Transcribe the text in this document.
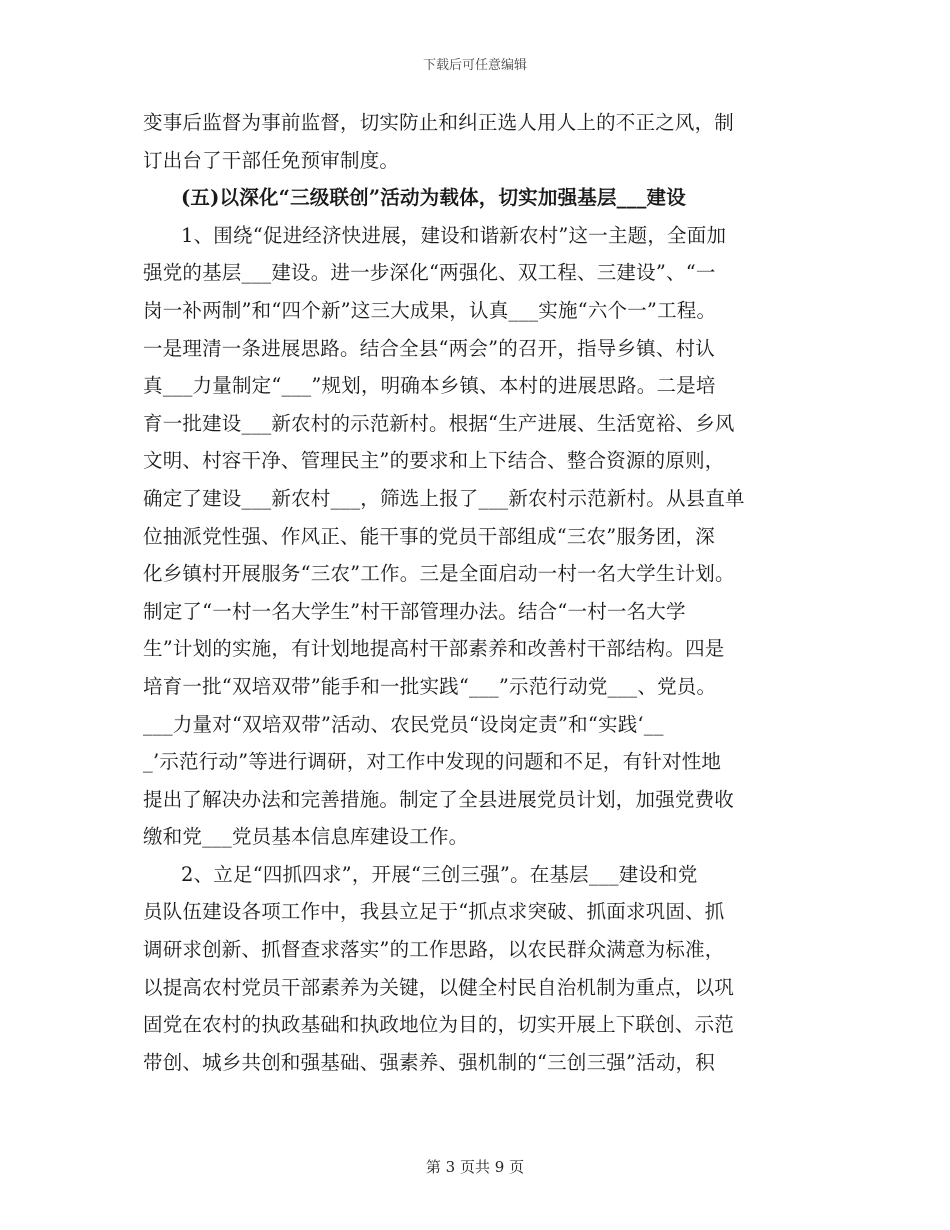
下载后可任意编辑
变事后监督为事前监督，切实防止和纠正选人用人上的不正之风，制
订出台了干部任免预审制度。
(五)以深化“三级联创”活动为载体，切实加强基层___建设
1、围绕“促进经济快进展，建设和谐新农村”这一主题，全面加
强党的基层___建设。进一步深化“两强化、双工程、三建设”、“一
岗一补两制”和“四个新”这三大成果，认真___实施“六个一”工程。
一是理清一条进展思路。结合全县“两会”的召开，指导乡镇、村认
真___力量制定“___”规划，明确本乡镇、本村的进展思路。二是培
育一批建设___新农村的示范新村。根据“生产进展、生活宽裕、乡风
文明、村容干净、管理民主”的要求和上下结合、整合资源的原则，
确定了建设___新农村___，筛选上报了___新农村示范新村。从县直单
位抽派党性强、作风正、能干事的党员干部组成“三农”服务团，深
化乡镇村开展服务“三农”工作。三是全面启动一村一名大学生计划。
制定了“一村一名大学生”村干部管理办法。结合“一村一名大学
生”计划的实施，有计划地提高村干部素养和改善村干部结构。四是
培育一批“双培双带”能手和一批实践“___”示范行动党___、党员。
___力量对“双培双带”活动、农民党员“设岗定责”和“实践‘__
_’示范行动”等进行调研，对工作中发现的问题和不足，有针对性地
提出了解决办法和完善措施。制定了全县进展党员计划，加强党费收
缴和党___党员基本信息库建设工作。
2、立足“四抓四求”，开展“三创三强”。在基层___建设和党
员队伍建设各项工作中，我县立足于“抓点求突破、抓面求巩固、抓
调研求创新、抓督查求落实”的工作思路，以农民群众满意为标准，
以提高农村党员干部素养为关键，以健全村民自治机制为重点，以巩
固党在农村的执政基础和执政地位为目的，切实开展上下联创、示范
带创、城乡共创和强基础、强素养、强机制的“三创三强”活动，积
第 3 页共 9 页
